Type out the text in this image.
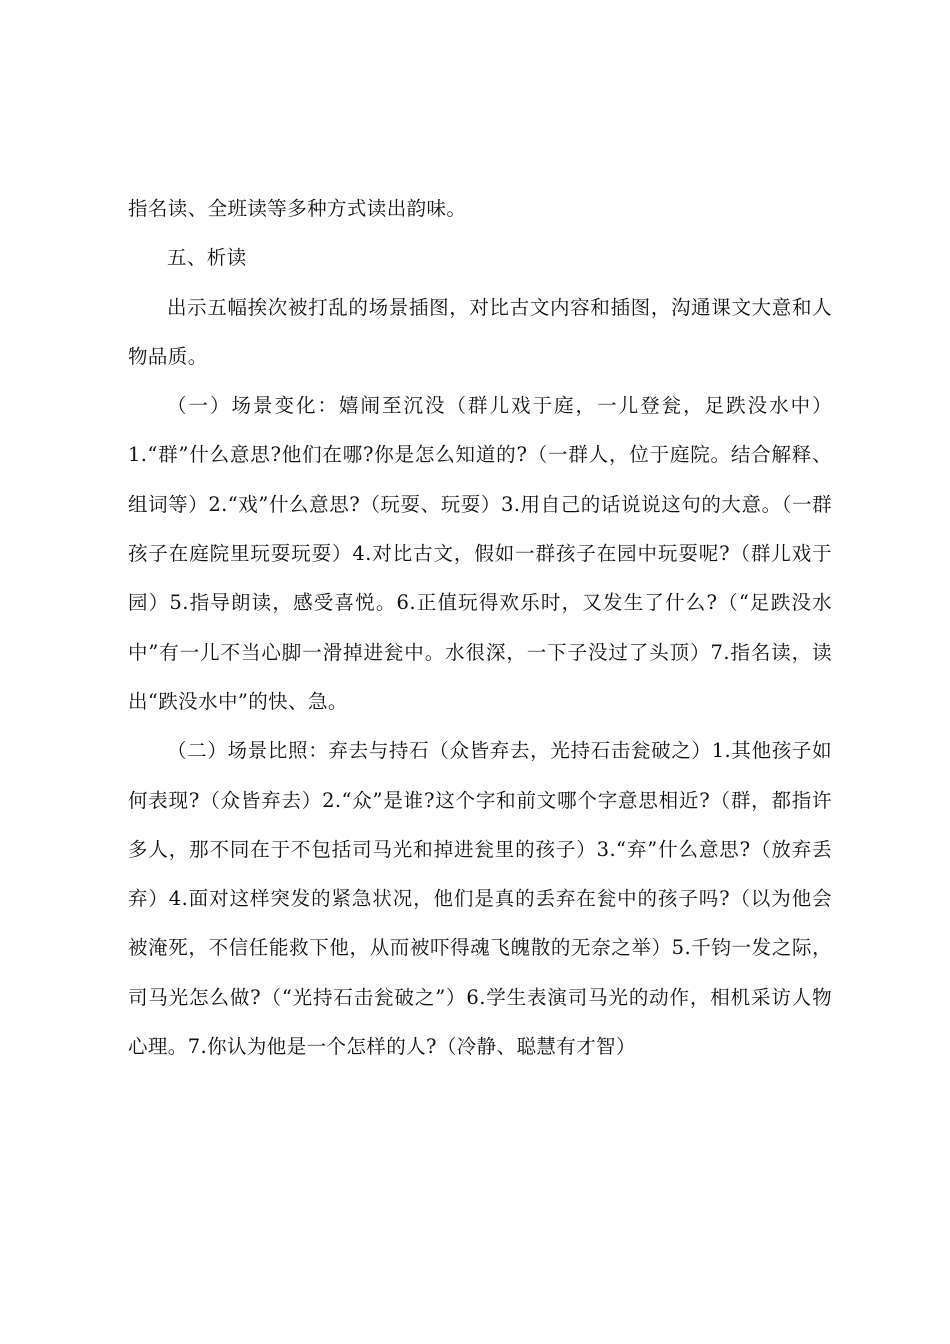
指名读、全班读等多种方式读出韵味。

五、析读

出示五幅挨次被打乱的场景插图，对比古文内容和插图，沟通课文大意和人物品质。

（一）场景变化：嬉闹至沉没（群儿戏于庭，一儿登瓮，足跌没水中）1.“群”什么意思?他们在哪?你是怎么知道的?（一群人，位于庭院。结合解释、组词等）2.“戏”什么意思?（玩耍、玩耍）3.用自己的话说说这句的大意。（一群孩子在庭院里玩耍玩耍）4.对比古文，假如一群孩子在园中玩耍呢?（群儿戏于园）5.指导朗读，感受喜悦。6.正值玩得欢乐时，又发生了什么?（“足跌没水中”有一儿不当心脚一滑掉进瓮中。水很深，一下子没过了头顶）7.指名读，读出“跌没水中”的快、急。

（二）场景比照：弃去与持石（众皆弃去，光持石击瓮破之）1.其他孩子如何表现?（众皆弃去）2.“众”是谁?这个字和前文哪个字意思相近?（群，都指许多人，那不同在于不包括司马光和掉进瓮里的孩子）3.“弃”什么意思?（放弃丢弃）4.面对这样突发的紧急状况，他们是真的丢弃在瓮中的孩子吗?（以为他会被淹死，不信任能救下他，从而被吓得魂飞魄散的无奈之举）5.千钧一发之际，司马光怎么做?（“光持石击瓮破之”）6.学生表演司马光的动作，相机采访人物心理。7.你认为他是一个怎样的人?（冷静、聪慧有才智）
